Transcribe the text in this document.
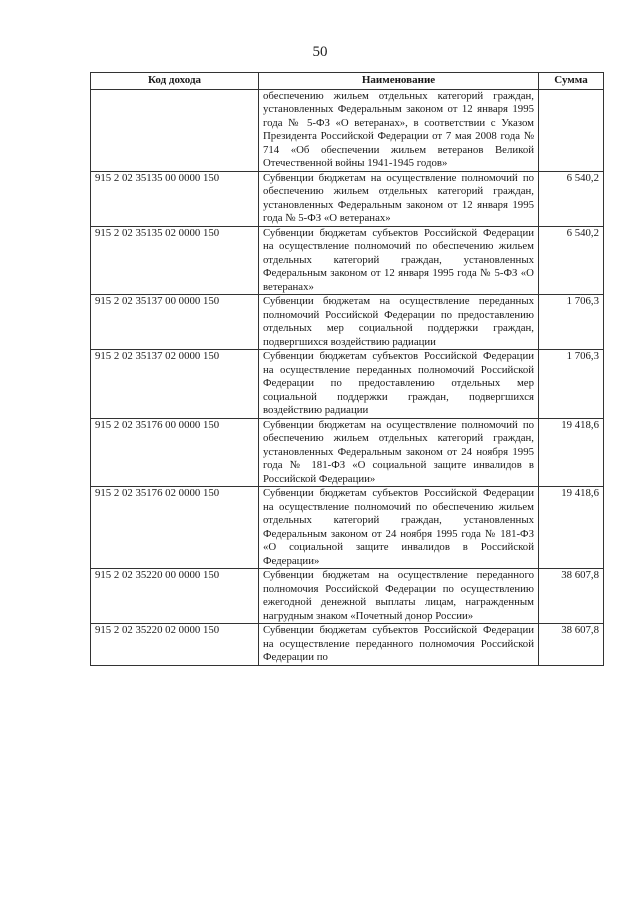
50
Код дохода	Наименование	Сумма
	обеспечению жильем отдельных категорий граждан, установленных Федеральным законом от 12 января 1995 года № 5-ФЗ «О ветеранах», в соответствии с Указом Президента Российской Федерации от 7 мая 2008 года № 714 «Об обеспечении жильем ветеранов Великой Отечественной войны 1941-1945 годов»	
915 2 02 35135 00 0000 150	Субвенции бюджетам на осуществление полномочий по обеспечению жильем отдельных категорий граждан, установленных Федеральным законом от 12 января 1995 года № 5-ФЗ «О ветеранах»	6 540,2
915 2 02 35135 02 0000 150	Субвенции бюджетам субъектов Российской Федерации на осуществление полномочий по обеспечению жильем отдельных категорий граждан, установленных Федеральным законом от 12 января 1995 года № 5-ФЗ «О ветеранах»	6 540,2
915 2 02 35137 00 0000 150	Субвенции бюджетам на осуществление переданных полномочий Российской Федерации по предоставлению отдельных мер социальной поддержки граждан, подвергшихся воздействию радиации	1 706,3
915 2 02 35137 02 0000 150	Субвенции бюджетам субъектов Российской Федерации на осуществление переданных полномочий Российской Федерации по предоставлению отдельных мер социальной поддержки граждан, подвергшихся воздействию радиации	1 706,3
915 2 02 35176 00 0000 150	Субвенции бюджетам на осуществление полномочий по обеспечению жильем отдельных категорий граждан, установленных Федеральным законом от 24 ноября 1995 года № 181-ФЗ «О социальной защите инвалидов в Российской Федерации»	19 418,6
915 2 02 35176 02 0000 150	Субвенции бюджетам субъектов Российской Федерации на осуществление полномочий по обеспечению жильем отдельных категорий граждан, установленных Федеральным законом от 24 ноября 1995 года № 181-ФЗ «О социальной защите инвалидов в Российской Федерации»	19 418,6
915 2 02 35220 00 0000 150	Субвенции бюджетам на осуществление переданного полномочия Российской Федерации по осуществлению ежегодной денежной выплаты лицам, награжденным нагрудным знаком «Почетный донор России»	38 607,8
915 2 02 35220 02 0000 150	Субвенции бюджетам субъектов Российской Федерации на осуществление переданного полномочия Российской Федерации по	38 607,8
